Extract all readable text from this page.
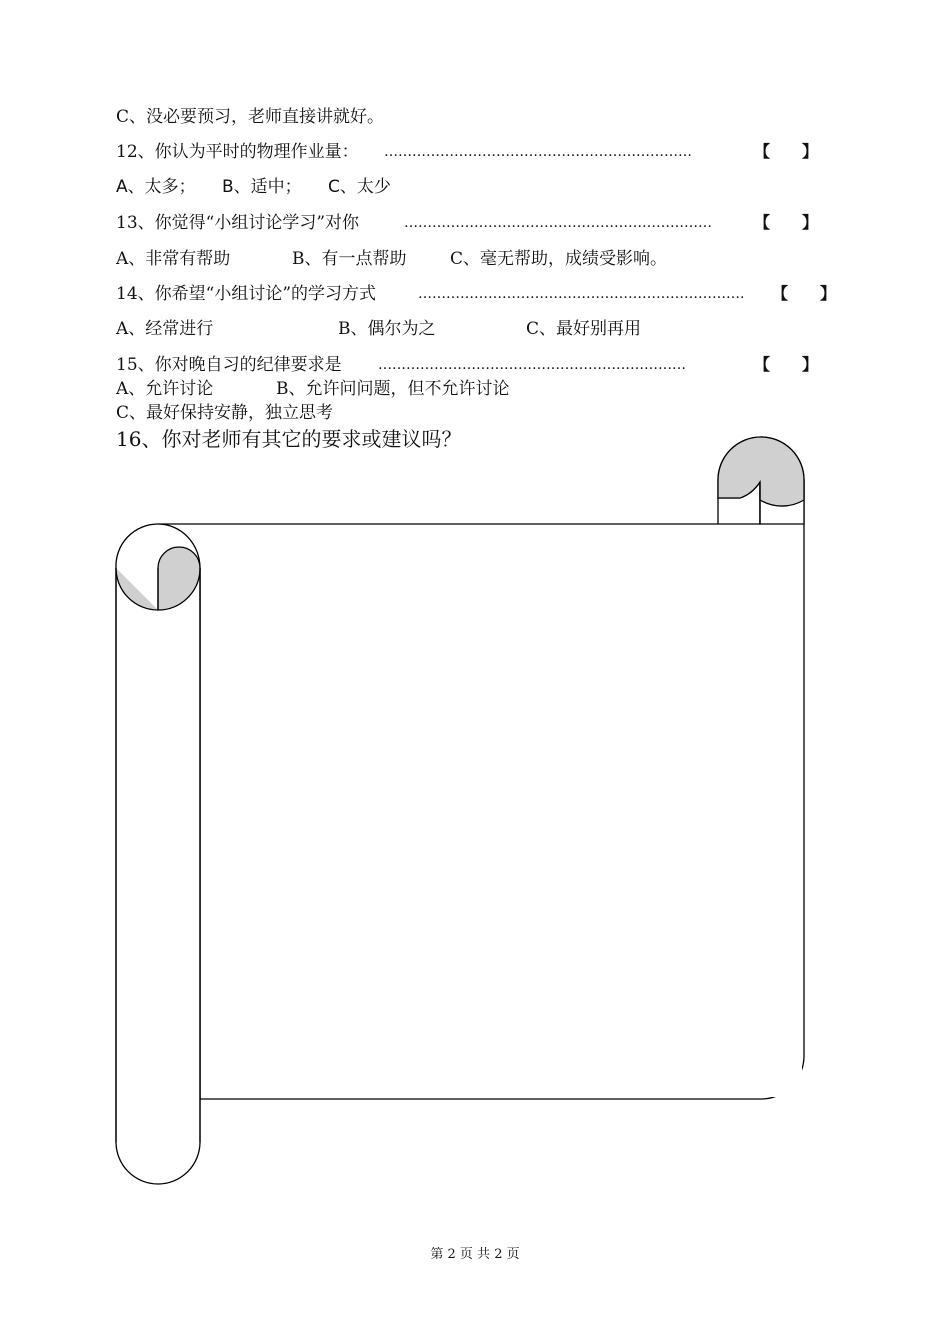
C、没必要预习，老师直接讲就好。
12、你认为平时的物理作业量： …………………………………………………………	【　　】
A、太多； B、适中； C、太少
13、你觉得“小组讨论学习”对你	…………………………………………………………	【　　】
A、非常有帮助	B、有一点帮助	C、毫无帮助，成绩受影响。
14、你希望“小组讨论”的学习方式	…………………………………………………………….	【　　】
A、经常进行	B、偶尔为之	C、最好别再用
15、你对晚自习的纪律要求是	…………………………………………………………	【　　】
A、允许讨论	B、允许问问题，但不允许讨论
C、最好保持安静，独立思考
16、你对老师有其它的要求或建议吗？
第 2 页 共 2 页
